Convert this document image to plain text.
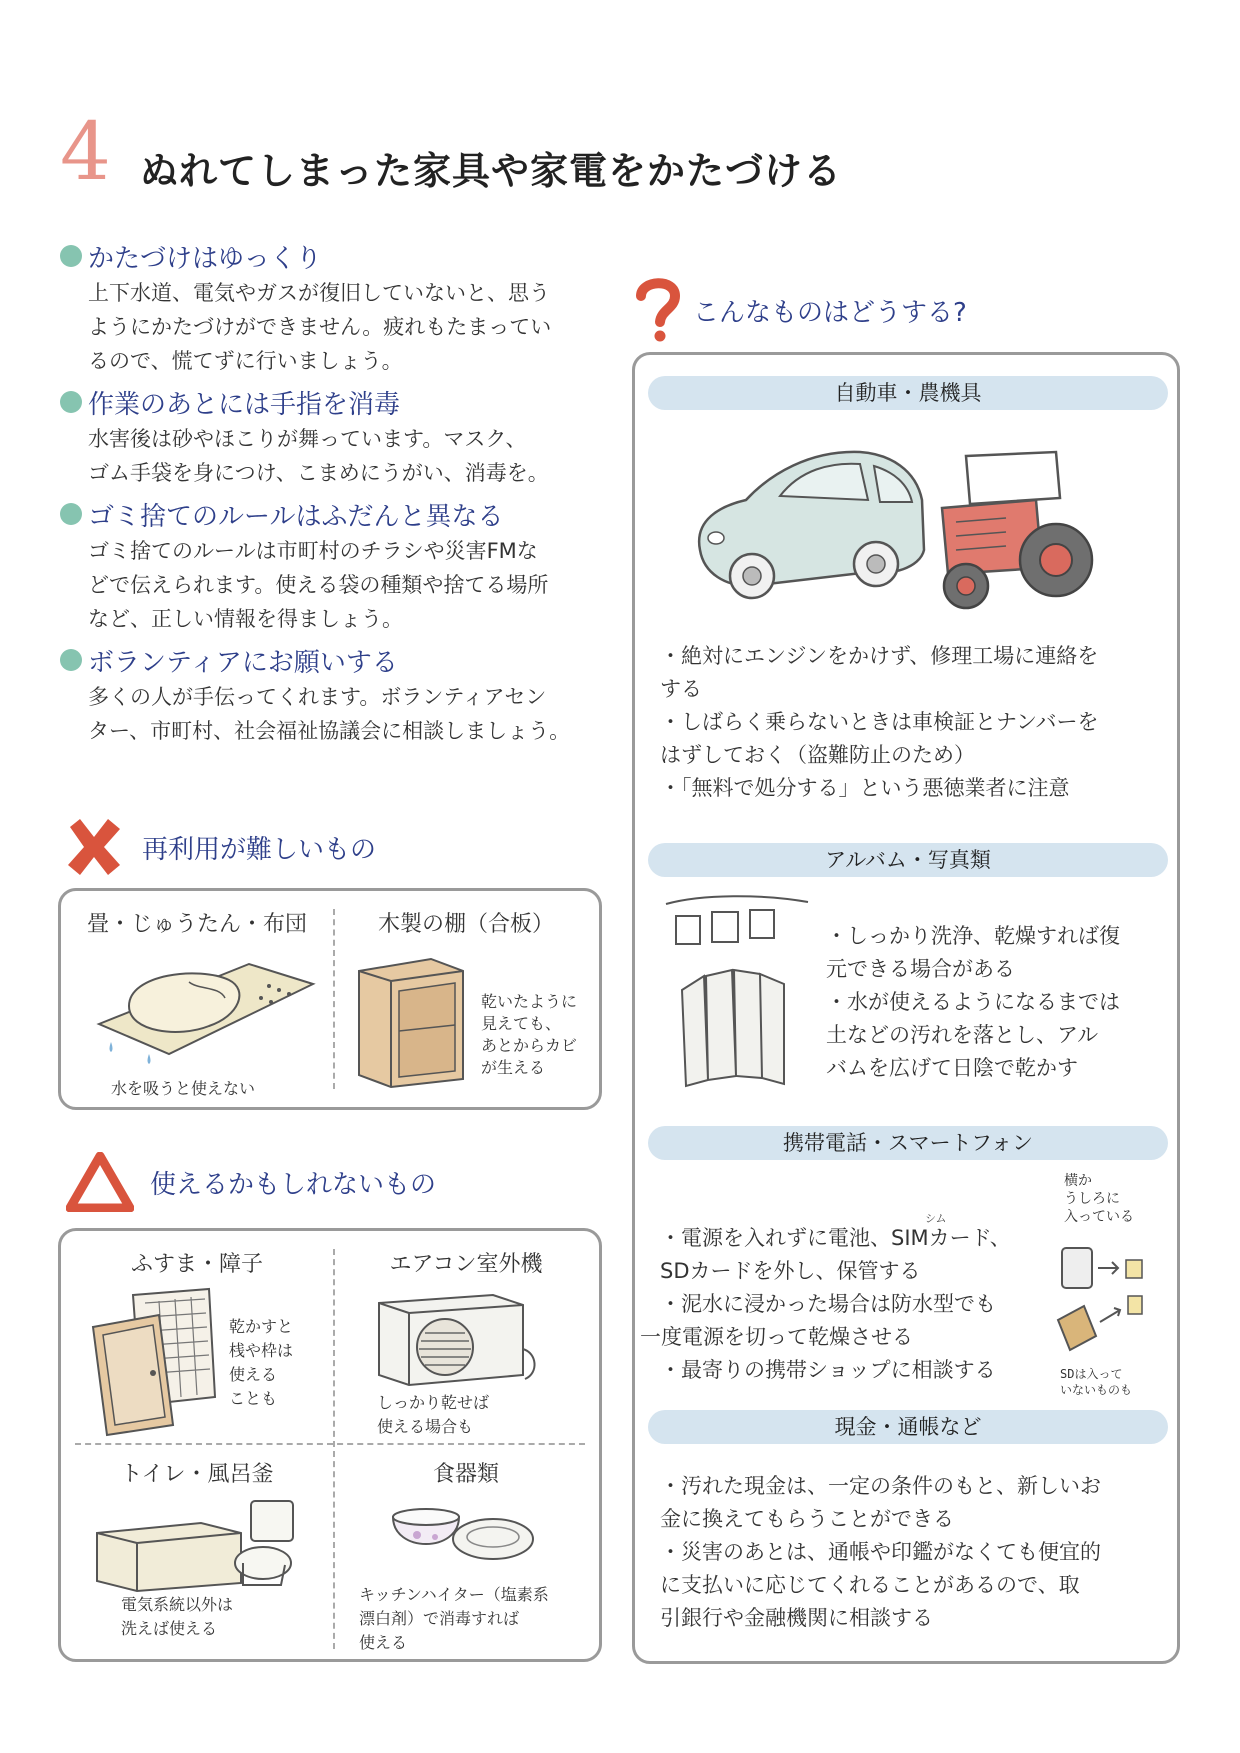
4 ぬれてしまった家具や家電をかたづける
かたづけはゆっくり
上下水道、電気やガスが復旧していないと、思う
ようにかたづけができません。疲れもたまってい
るので、慌てずに行いましょう。
作業のあとには手指を消毒
水害後は砂やほこりが舞っています。マスク、
ゴム手袋を身につけ、こまめにうがい、消毒を。
ゴミ捨てのルールはふだんと異なる
ゴミ捨てのルールは市町村のチラシや災害FMな
どで伝えられます。使える袋の種類や捨てる場所
など、正しい情報を得ましょう。
ボランティアにお願いする
多くの人が手伝ってくれます。ボランティアセン
ター、市町村、社会福祉協議会に相談しましょう。
再利用が難しいもの
畳・じゅうたん・布団
水を吸うと使えない
木製の棚（合板）
乾いたように
見えても、
あとからカビ
が生える
使えるかもしれないもの
ふすま・障子
乾かすと
桟や枠は
使える
ことも
エアコン室外機
しっかり乾せば
使える場合も
トイレ・風呂釜
電気系統以外は
洗えば使える
食器類
キッチンハイター（塩素系
漂白剤）で消毒すれば
使える
こんなものはどうする?
自動車・農機具
・絶対にエンジンをかけず、修理工場に連絡を
する
・しばらく乗らないときは車検証とナンバーを
はずしておく（盗難防止のため）
・「無料で処分する」という悪徳業者に注意
アルバム・写真類
・しっかり洗浄、乾燥すれば復
元できる場合がある
・水が使えるようになるまでは
土などの汚れを落とし、アル
バムを広げて日陰で乾かす
携帯電話・スマートフォン
シム
・電源を入れずに電池、SIMカード、
SDカードを外し、保管する
・泥水に浸かった場合は防水型でも
一度電源を切って乾燥させる
・最寄りの携帯ショップに相談する
横か
うしろに
入っている
SDは入って
いないものも
現金・通帳など
・汚れた現金は、一定の条件のもと、新しいお
金に換えてもらうことができる
・災害のあとは、通帳や印鑑がなくても便宜的
に支払いに応じてくれることがあるので、取
引銀行や金融機関に相談する
